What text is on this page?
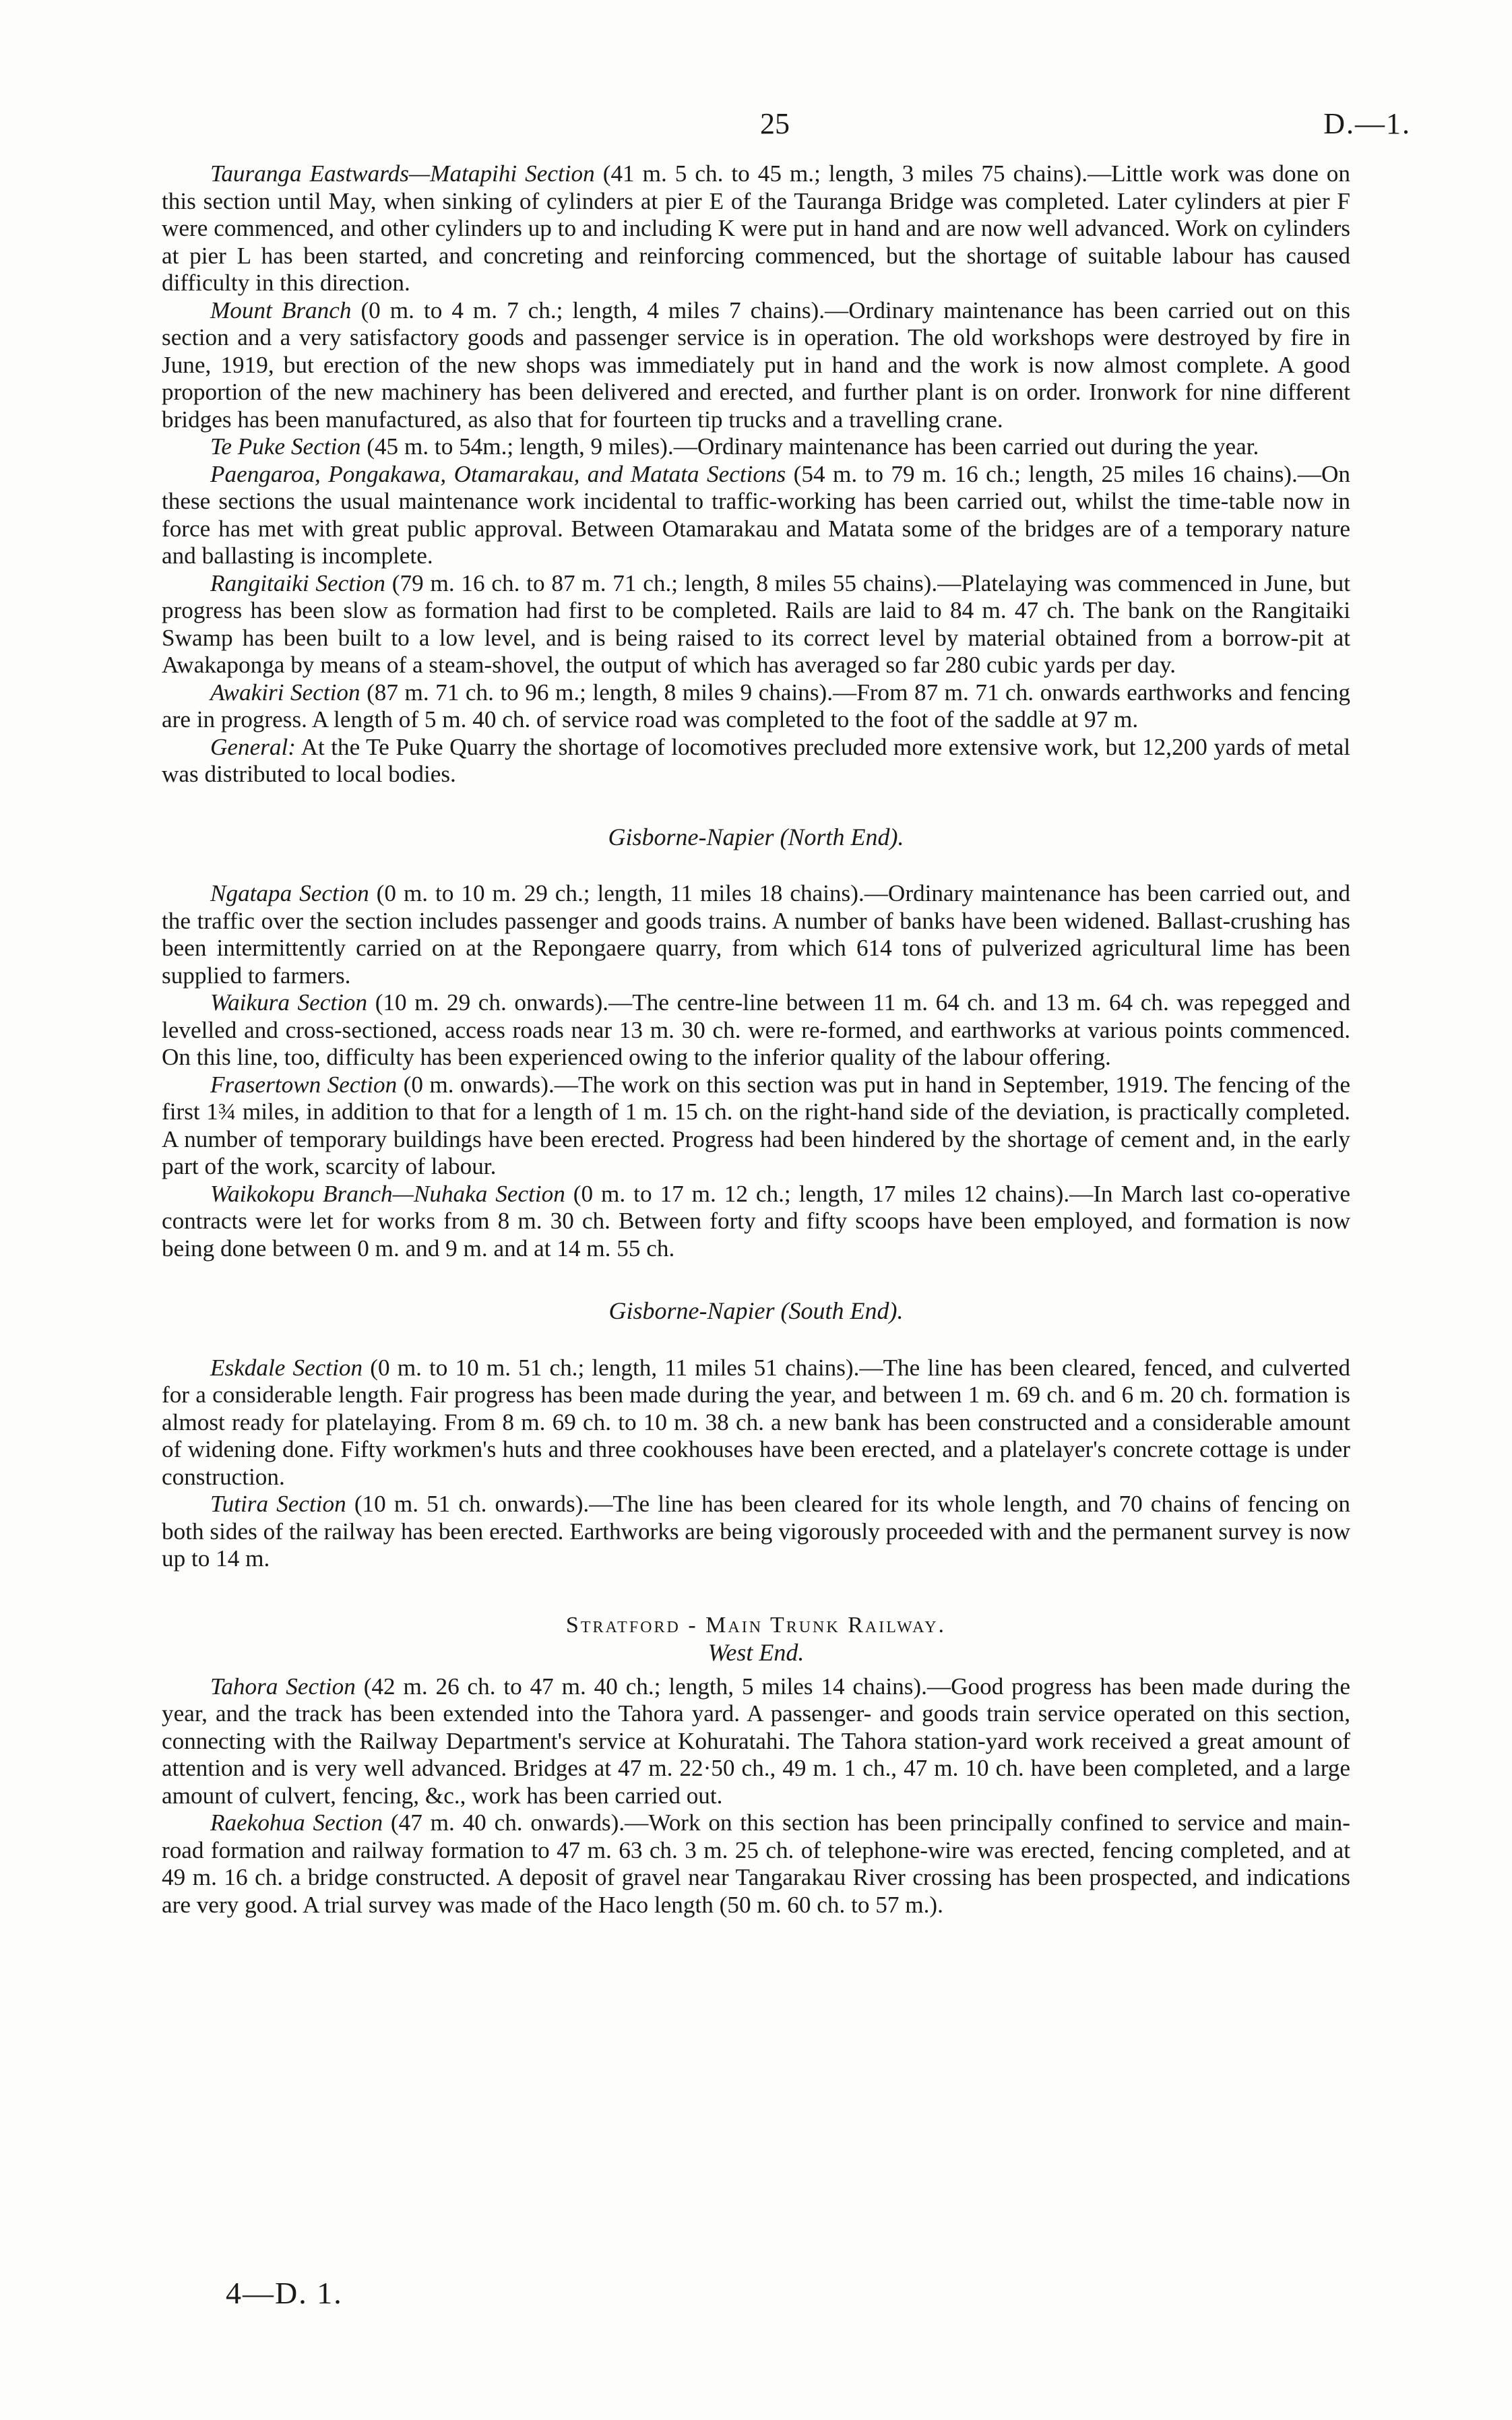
25	D.—1.

Tauranga Eastwards—Matapihi Section (41 m. 5 ch. to 45 m.; length, 3 miles 75 chains).—Little work was done on this section until May, when sinking of cylinders at pier E of the Tauranga Bridge was completed. Later cylinders at pier F were commenced, and other cylinders up to and including K were put in hand and are now well advanced. Work on cylinders at pier L has been started, and concreting and reinforcing commenced, but the shortage of suitable labour has caused difficulty in this direction.

Mount Branch (0 m. to 4 m. 7 ch.; length, 4 miles 7 chains).—Ordinary maintenance has been carried out on this section and a very satisfactory goods and passenger service is in operation. The old workshops were destroyed by fire in June, 1919, but erection of the new shops was immediately put in hand and the work is now almost complete. A good proportion of the new machinery has been delivered and erected, and further plant is on order. Ironwork for nine different bridges has been manufactured, as also that for fourteen tip trucks and a travelling crane.

Te Puke Section (45 m. to 54m.; length, 9 miles).—Ordinary maintenance has been carried out during the year.

Paengaroa, Pongakawa, Otamarakau, and Matata Sections (54 m. to 79 m. 16 ch.; length, 25 miles 16 chains).—On these sections the usual maintenance work incidental to traffic-working has been carried out, whilst the time-table now in force has met with great public approval. Between Otamarakau and Matata some of the bridges are of a temporary nature and ballasting is incomplete.

Rangitaiki Section (79 m. 16 ch. to 87 m. 71 ch.; length, 8 miles 55 chains).—Platelaying was commenced in June, but progress has been slow as formation had first to be completed. Rails are laid to 84 m. 47 ch. The bank on the Rangitaiki Swamp has been built to a low level, and is being raised to its correct level by material obtained from a borrow-pit at Awakaponga by means of a steam-shovel, the output of which has averaged so far 280 cubic yards per day.

Awakiri Section (87 m. 71 ch. to 96 m.; length, 8 miles 9 chains).—From 87 m. 71 ch. onwards earthworks and fencing are in progress. A length of 5 m. 40 ch. of service road was completed to the foot of the saddle at 97 m.

General: At the Te Puke Quarry the shortage of locomotives precluded more extensive work, but 12,200 yards of metal was distributed to local bodies.

Gisborne-Napier (North End).

Ngatapa Section (0 m. to 10 m. 29 ch.; length, 11 miles 18 chains).—Ordinary maintenance has been carried out, and the traffic over the section includes passenger and goods trains. A number of banks have been widened. Ballast-crushing has been intermittently carried on at the Repongaere quarry, from which 614 tons of pulverized agricultural lime has been supplied to farmers.

Waikura Section (10 m. 29 ch. onwards).—The centre-line between 11 m. 64 ch. and 13 m. 64 ch. was repegged and levelled and cross-sectioned, access roads near 13 m. 30 ch. were re-formed, and earthworks at various points commenced. On this line, too, difficulty has been experienced owing to the inferior quality of the labour offering.

Frasertown Section (0 m. onwards).—The work on this section was put in hand in September, 1919. The fencing of the first 1¾ miles, in addition to that for a length of 1 m. 15 ch. on the right-hand side of the deviation, is practically completed. A number of temporary buildings have been erected. Progress had been hindered by the shortage of cement and, in the early part of the work, scarcity of labour.

Waikokopu Branch—Nuhaka Section (0 m. to 17 m. 12 ch.; length, 17 miles 12 chains).—In March last co-operative contracts were let for works from 8 m. 30 ch. Between forty and fifty scoops have been employed, and formation is now being done between 0 m. and 9 m. and at 14 m. 55 ch.

Gisborne-Napier (South End).

Eskdale Section (0 m. to 10 m. 51 ch.; length, 11 miles 51 chains).—The line has been cleared, fenced, and culverted for a considerable length. Fair progress has been made during the year, and between 1 m. 69 ch. and 6 m. 20 ch. formation is almost ready for platelaying. From 8 m. 69 ch. to 10 m. 38 ch. a new bank has been constructed and a considerable amount of widening done. Fifty workmen's huts and three cookhouses have been erected, and a platelayer's concrete cottage is under construction.

Tutira Section (10 m. 51 ch. onwards).—The line has been cleared for its whole length, and 70 chains of fencing on both sides of the railway has been erected. Earthworks are being vigorously proceeded with and the permanent survey is now up to 14 m.

Stratford - Main Trunk Railway.
West End.

Tahora Section (42 m. 26 ch. to 47 m. 40 ch.; length, 5 miles 14 chains).—Good progress has been made during the year, and the track has been extended into the Tahora yard. A passenger- and goods train service operated on this section, connecting with the Railway Department's service at Kohuratahi. The Tahora station-yard work received a great amount of attention and is very well advanced. Bridges at 47 m. 22·50 ch., 49 m. 1 ch., 47 m. 10 ch. have been completed, and a large amount of culvert, fencing, &c., work has been carried out.

Raekohua Section (47 m. 40 ch. onwards).—Work on this section has been principally confined to service and main-road formation and railway formation to 47 m. 63 ch. 3 m. 25 ch. of telephone-wire was erected, fencing completed, and at 49 m. 16 ch. a bridge constructed. A deposit of gravel near Tangarakau River crossing has been prospected, and indications are very good. A trial survey was made of the Haco length (50 m. 60 ch. to 57 m.).

4—D. 1.
